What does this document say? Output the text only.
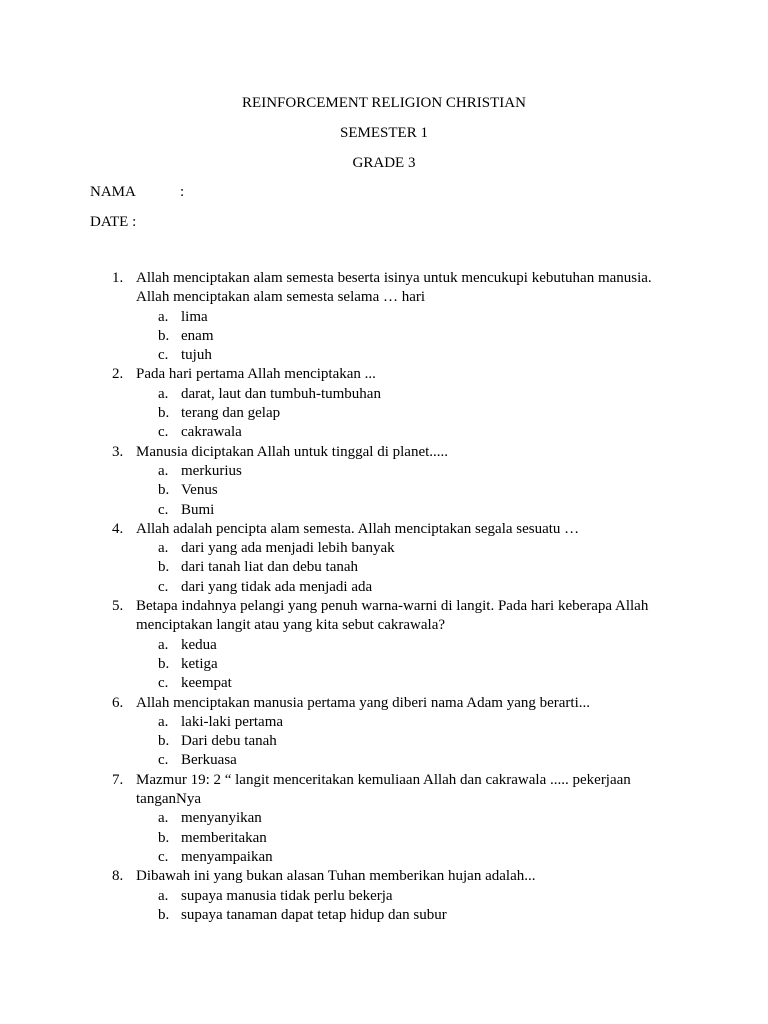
REINFORCEMENT RELIGION CHRISTIAN
SEMESTER 1
GRADE 3
NAMA	:
DATE :
1. Allah menciptakan alam semesta beserta isinya untuk mencukupi kebutuhan manusia. Allah menciptakan alam semesta selama … hari
a. lima
b. enam
c. tujuh
2. Pada hari pertama Allah menciptakan ...
a. darat, laut dan tumbuh-tumbuhan
b. terang dan gelap
c. cakrawala
3. Manusia diciptakan Allah untuk tinggal di planet.....
a. merkurius
b. Venus
c. Bumi
4. Allah adalah pencipta alam semesta. Allah menciptakan segala sesuatu …
a. dari yang ada menjadi lebih banyak
b. dari tanah liat dan debu tanah
c. dari yang tidak ada menjadi ada
5. Betapa indahnya pelangi yang penuh warna-warni di langit. Pada hari keberapa Allah menciptakan langit atau yang kita sebut cakrawala?
a. kedua
b. ketiga
c. keempat
6. Allah menciptakan manusia pertama yang diberi nama Adam yang berarti...
a. laki-laki pertama
b. Dari debu tanah
c. Berkuasa
7. Mazmur 19: 2 “ langit menceritakan kemuliaan Allah dan cakrawala ..... pekerjaan tanganNya
a. menyanyikan
b. memberitakan
c. menyampaikan
8. Dibawah ini yang bukan alasan Tuhan memberikan hujan adalah...
a. supaya manusia tidak perlu bekerja
b. supaya tanaman dapat tetap hidup dan subur
